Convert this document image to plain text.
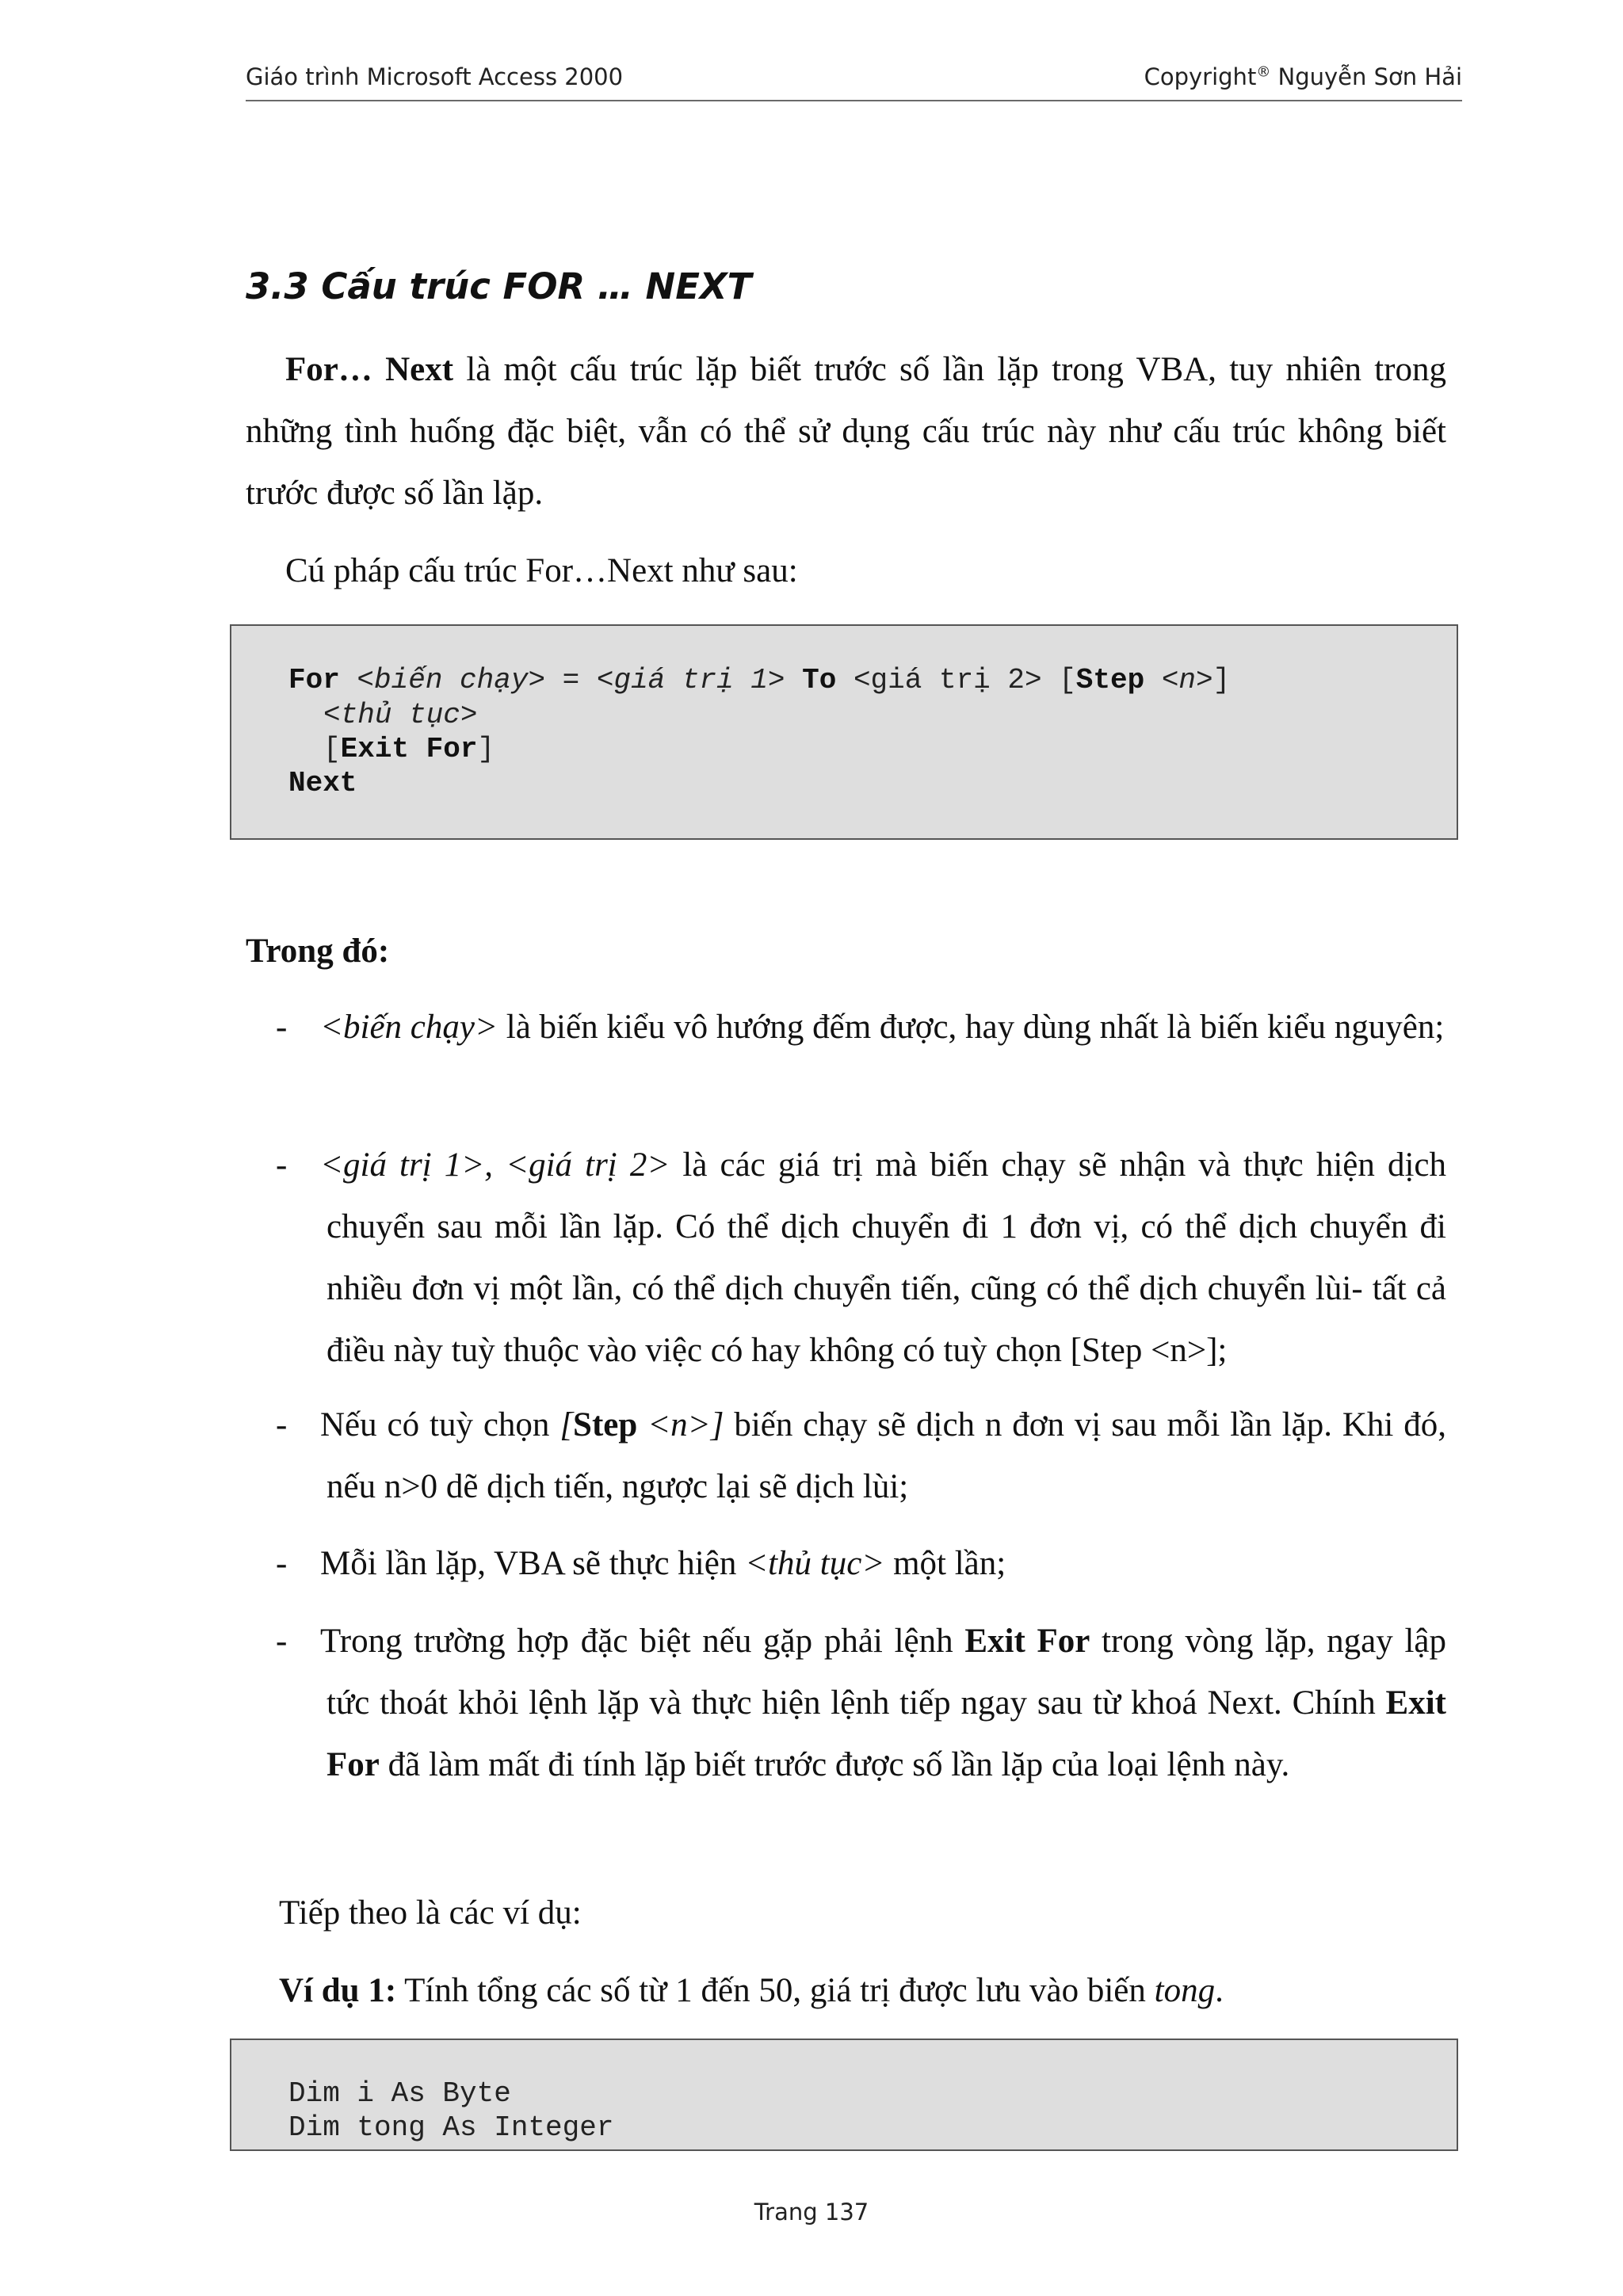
Giáo trình Microsoft Access 2000	Copyright® Nguyễn Sơn Hải
3.3 Cấu trúc FOR … NEXT
For… Next là một cấu trúc lặp biết trước số lần lặp trong VBA, tuy nhiên trong những tình huống đặc biệt, vẫn có thể sử dụng cấu trúc này như cấu trúc không biết trước được số lần lặp.
Cú pháp cấu trúc For…Next như sau:
For <biến chạy> = <giá trị 1> To <giá trị 2> [Step <n>]
<thủ tục>
[Exit For]
Next
Trong đó:
- <biến chạy> là biến kiểu vô hướng đếm được, hay dùng nhất là biến kiểu nguyên;
- <giá trị 1>, <giá trị 2> là các giá trị mà biến chạy sẽ nhận và thực hiện dịch chuyển sau mỗi lần lặp. Có thể dịch chuyển đi 1 đơn vị, có thể dịch chuyển đi nhiều đơn vị một lần, có thể dịch chuyển tiến, cũng có thể dịch chuyển lùi- tất cả điều này tuỳ thuộc vào việc có hay không có tuỳ chọn [Step <n>];
- Nếu có tuỳ chọn [Step <n>] biến chạy sẽ dịch n đơn vị sau mỗi lần lặp. Khi đó, nếu n>0 dẽ dịch tiến, ngược lại sẽ dịch lùi;
- Mỗi lần lặp, VBA sẽ thực hiện <thủ tục> một lần;
- Trong trường hợp đặc biệt nếu gặp phải lệnh Exit For trong vòng lặp, ngay lập tức thoát khỏi lệnh lặp và thực hiện lệnh tiếp ngay sau từ khoá Next. Chính Exit For đã làm mất đi tính lặp biết trước được số lần lặp của loại lệnh này.
Tiếp theo là các ví dụ:
Ví dụ 1: Tính tổng các số từ 1 đến 50, giá trị được lưu vào biến tong.
Dim i As Byte
Dim tong As Integer
Trang 137
